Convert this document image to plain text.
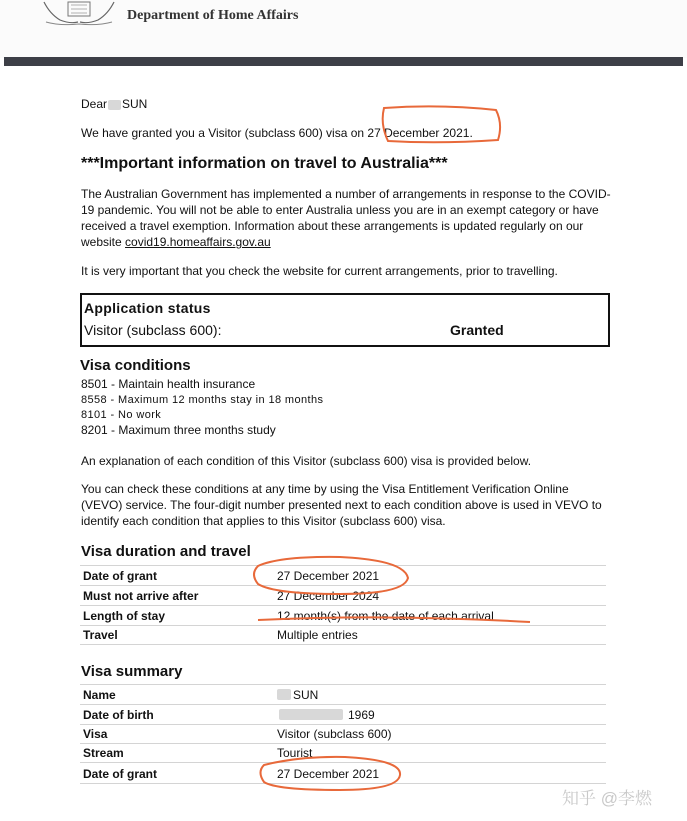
Department of Home Affairs
Dear SUN
We have granted you a Visitor (subclass 600) visa on 27 December 2021.
***Important information on travel to Australia***
The Australian Government has implemented a number of arrangements in response to the COVID-19 pandemic. You will not be able to enter Australia unless you are in an exempt category or have received a travel exemption. Information about these arrangements is updated regularly on our website covid19.homeaffairs.gov.au
It is very important that you check the website for current arrangements, prior to travelling.
Application status
Visitor (subclass 600):	Granted
Visa conditions
8501 - Maintain health insurance
8558 - Maximum 12 months stay in 18 months
8101 - No work
8201 - Maximum three months study
An explanation of each condition of this Visitor (subclass 600) visa is provided below.
You can check these conditions at any time by using the Visa Entitlement Verification Online (VEVO) service. The four-digit number presented next to each condition above is used in VEVO to identify each condition that applies to this Visitor (subclass 600) visa.
Visa duration and travel
Date of grant	27 December 2021
Must not arrive after	27 December 2024
Length of stay	12 month(s) from the date of each arrival
Travel	Multiple entries
Visa summary
Name	SUN
Date of birth	1969
Visa	Visitor (subclass 600)
Stream	Tourist
Date of grant	27 December 2021
知乎 @李燃
